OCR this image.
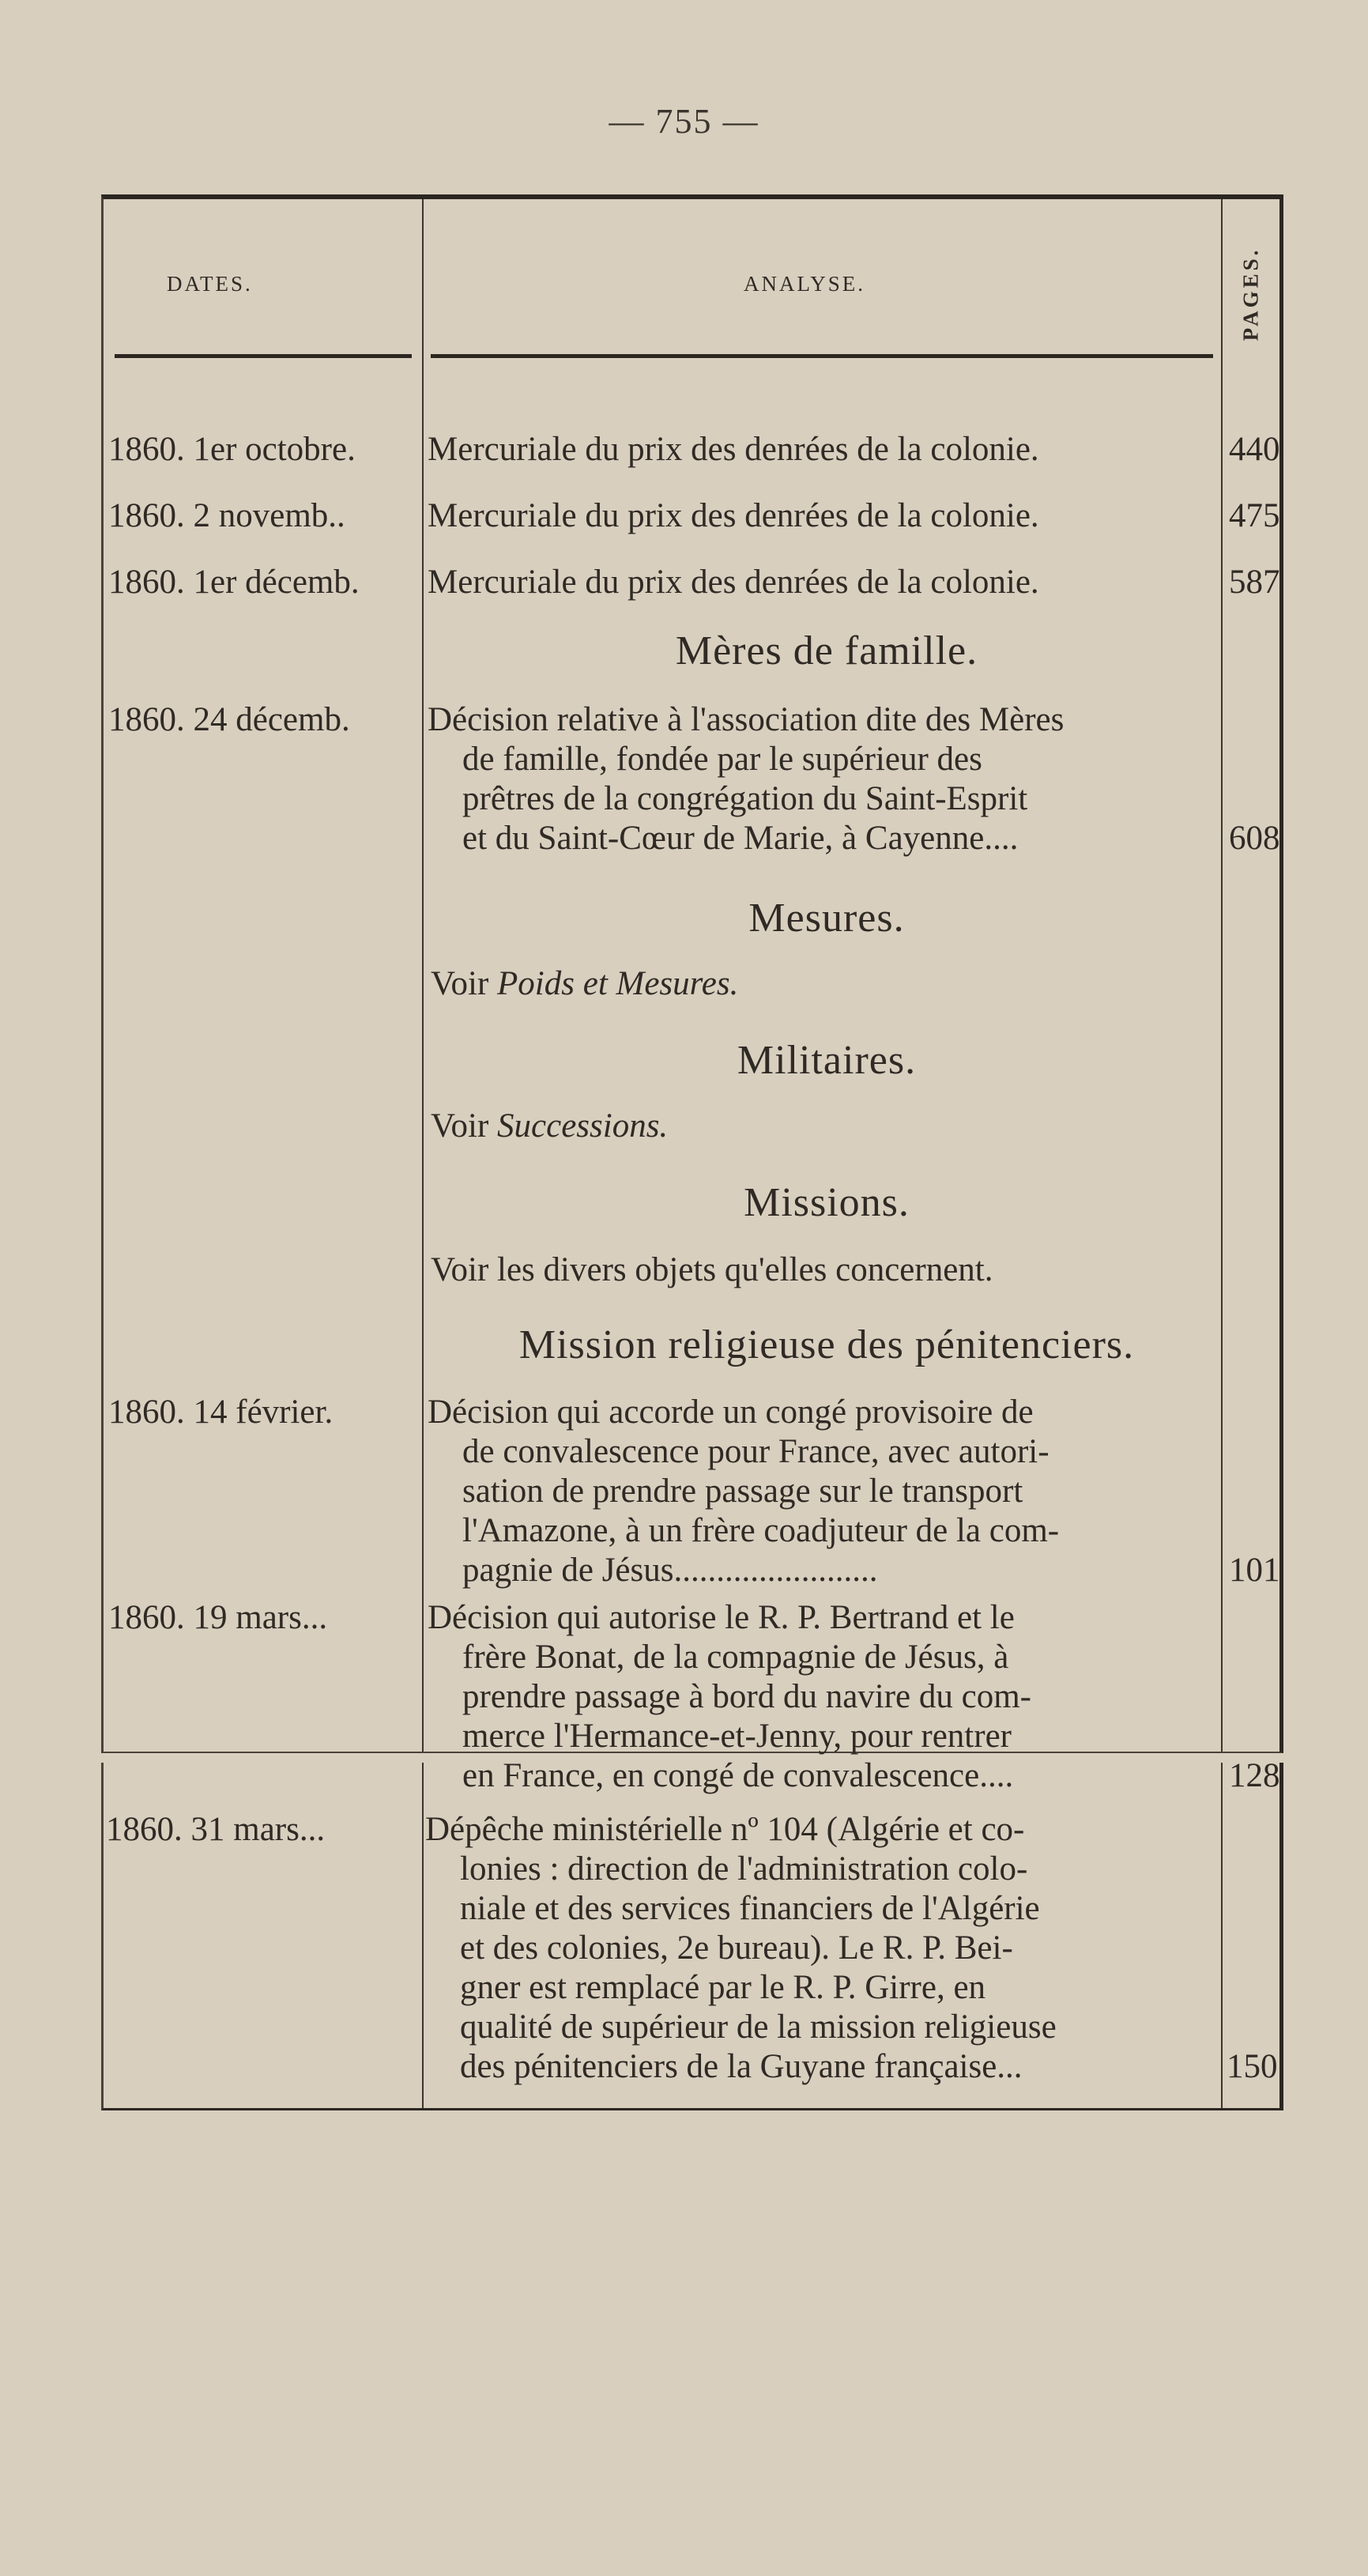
— 755 —
DATES.	ANALYSE.	PAGES.
1860. 1er octobre.	Mercuriale du prix des denrées de la colonie.	440
1860. 2 novemb..	Mercuriale du prix des denrées de la colonie.	475
1860. 1er décemb.	Mercuriale du prix des denrées de la colonie.	587
Mères de famille.
1860. 24 décemb.	Décision relative à l'association dite des Mères
de famille, fondée par le supérieur des
prêtres de la congrégation du Saint-Esprit
et du Saint-Cœur de Marie, à Cayenne....	608
Mesures.
Voir Poids et Mesures.
Militaires.
Voir Successions.
Missions.
Voir les divers objets qu'elles concernent.
Mission religieuse des pénitenciers.
1860. 14 février.	Décision qui accorde un congé provisoire de
de convalescence pour France, avec autori-
sation de prendre passage sur le transport
l'Amazone, à un frère coadjuteur de la com-
pagnie de Jésus........................	101
1860. 19 mars...	Décision qui autorise le R. P. Bertrand et le
frère Bonat, de la compagnie de Jésus, à
prendre passage à bord du navire du com-
merce l'Hermance-et-Jenny, pour rentrer
en France, en congé de convalescence....	128
1860. 31 mars...	Dépêche ministérielle nº 104 (Algérie et co-
lonies : direction de l'administration colo-
niale et des services financiers de l'Algérie
et des colonies, 2e bureau). Le R. P. Bei-
gner est remplacé par le R. P. Girre, en
qualité de supérieur de la mission religieuse
des pénitenciers de la Guyane française...	150
